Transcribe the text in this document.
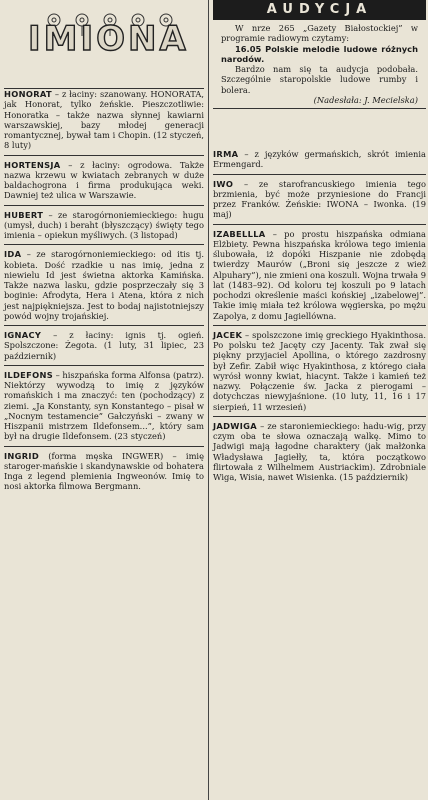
IMIONA

HONORAT – z łaciny: szanowany. HONORATA, jak Honorat, tylko żeńskie. Pieszczotliwie: Honoratka – także nazwa słynnej kawiarni warszawskiej, bazy młodej generacji romantycznej, bywał tam i Chopin. (12 styczeń, 8 luty)

HORTENSJA – z łaciny: ogrodowa. Także nazwa krzewu w kwiatach zebranych w duże baldachogrona i firma produkująca weki. Dawniej też ulica w Warszawie.

HUBERT – ze starogórnoniemieckiego: hugu (umysł, duch) i beraht (błyszczący) święty tego imienia – opiekun myśliwych. (3 listopad)

IDA – ze starogórnoniemieckiego: od itis tj. kobieta. Dość rzadkie u nas imię, jedna z niewielu Id jest świetna aktorka Kamińska. Także nazwa lasku, gdzie posprzeczały się 3 boginie: Afrodyta, Hera i Atena, która z nich jest najpiękniejsza. Jest to bodaj najistotniejszy powód wojny trojańskiej.

IGNACY – z łaciny: ignis tj. ogień. Spolszczone: Żegota. (1 luty, 31 lipiec, 23 październik)

ILDEFONS – hiszpańska forma Alfonsa (patrz). Niektórzy wywodzą to imię z języków romańskich i ma znaczyć: ten (pochodzący) z ziemi. „Ja Konstanty, syn Konstantego – pisał w „Nocnym testamencie” Gałczyński – zwany w Hiszpanii mistrzem Ildefonsem...”, który sam był na drugie Ildefonsem. (23 styczeń)

INGRID (forma męska INGWER) – imię staroger-mańskie i skandynawskie od bohatera Inga z legend plemienia Ingweonów. Imię to nosi aktorka filmowa Bergmann.

AUDYCJA

W nrze 265 „Gazety Białostockiej” w programie radiowym czytamy:

16.05 Polskie melodie ludowe różnych narodów.

Bardzo nam się ta audycja podobała. Szczególnie staropolskie ludowe rumby i bolera.

(Nadesłała: J. Mecielska)

IRMA – z języków germańskich, skrót imienia Ermengard.

IWO – ze starofrancuskiego imienia tego brzmienia, być może przyniesione do Francji przez Franków. Żeńskie: IWONA – Iwonka. (19 maj)

IZABELLLA – po prostu hiszpańska odmiana Elżbiety. Pewna hiszpańska królowa tego imienia ślubowała, iż dopóki Hiszpanie nie zdobędą twierdzy Maurów („Broni się jeszcze z wież Alpuhary”), nie zmieni ona koszuli. Wojna trwała 9 lat (1483–92). Od koloru tej koszuli po 9 latach pochodzi określenie maści końskiej „izabelowej”. Takie imię miała też królowa węgierska, po mężu Zapolya, z domu Jagiellówna.

JACEK – spolszczone imię greckiego Hyakinthosa. Po polsku też Jacęty czy Jacenty. Tak zwał się piękny przyjaciel Apollina, o którego zazdrosny był Zefir. Zabił więc Hyakinthosa, z którego ciała wyrósł wonny kwiat, hiacynt. Także i kamień też nazwy. Połączenie św. Jacka z pierogami – dotychczas niewyjaśnione. (10 luty, 11, 16 i 17 sierpień, 11 wrzesień)

JADWIGA – ze staroniemieckiego: hadu-wig, przy czym oba te słowa oznaczają walkę. Mimo to Jadwigi mają łagodne charaktery (jak małżonka Władysława Jagiełły, ta, która początkowo flirtowała z Wilhelmem Austriackim). Zdrobniale Wiga, Wisia, nawet Wisienka. (15 październik)
